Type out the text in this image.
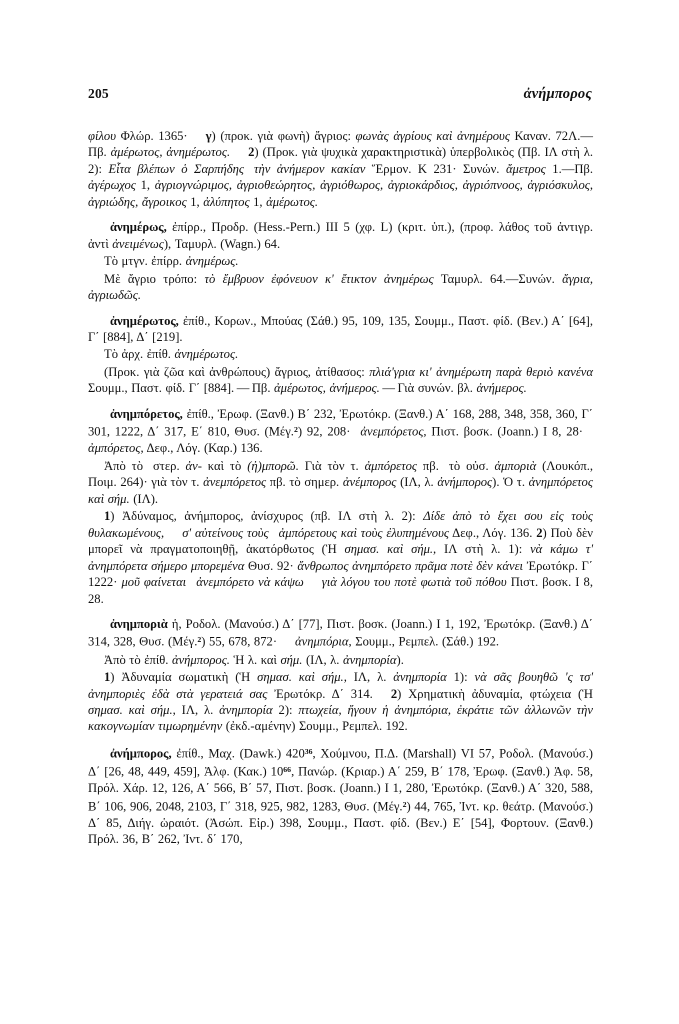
205	ἀνήμπορος

φίλου Φλώρ. 1365· γ) (προκ. γιὰ φωνὴ) ἄγριος: φωνὰς ἀγρίους καὶ ἀνημέρους Καναν. 72Λ.—Πβ. ἀμέρωτος, ἀνημέρωτος. 2) (Προκ. γιὰ ψυχικὰ χαρακτηριστικὰ) ὑπερβολικὸς (Πβ. ΙΛ στὴ λ. 2): Εἶτα βλέπων ὁ Σαρπήδης τὴν ἀνήμερον κακίαν Ἕρμον. Κ 231· Συνών. ἄμετρος 1.—Πβ. ἀγέρωχος 1, ἀγριογνώριμος, ἀγριοθεώρητος, ἀγριόθωρος, ἀγριοκάρδιος, ἀγριόπνοος, ἀγριόσκυλος, ἀγριώδης, ἄγροικος 1, ἀλύπητος 1, ἀμέρωτος.

ἀνημέρως, ἐπίρρ., Προδρ. (Hess.-Pern.) III 5 (χφ. L) (κριτ. ὑπ.), (προφ. λάθος τοῦ ἀντιγρ. ἀντὶ ἀνειμένως), Ταμυρλ. (Wagn.) 64.

Τὸ μτγν. ἐπίρρ. ἀνημέρως.

Μὲ ἄγριο τρόπο: τὸ ἔμβρυον ἐφόνευον κ' ἔτικτον ἀνημέρως Ταμυρλ. 64.—Συνών. ἄγρια, ἀγριωδῶς.

ἀνημέρωτος, ἐπίθ., Κορων., Μπούας (Σάθ.) 95, 109, 135, Σουμμ., Παστ. φίδ. (Βεν.) Α΄ [64], Γ΄ [884], Δ΄ [219].

Τὸ ἀρχ. ἐπίθ. ἀνημέρωτος.

(Προκ. γιὰ ζῶα καὶ ἀνθρώπους) ἄγριος, ἀτίθασος: πλιά'γρια κι' ἀνημέρωτη παρὰ θεριὸ κανένα Σουμμ., Παστ. φίδ. Γ΄ [884]. — Πβ. ἀμέρωτος, ἀνήμερος. — Γιὰ συνών. βλ. ἀνήμερος.

ἀνημπόρετος, ἐπίθ., Ἐρωφ. (Ξανθ.) Β΄ 232, Ἐρωτόκρ. (Ξανθ.) Α΄ 168, 288, 348, 358, 360, Γ΄ 301, 1222, Δ΄ 317, Ε΄ 810, Θυσ. (Μέγ.$^2$) 92, 208· ἀνεμπόρετος, Πιστ. βοσκ. (Joann.) I 8, 28·ἀμπόρετος, Δεφ., Λόγ. (Καρ.) 136.

Ἀπὸ τὸ στερ. ἀν- καὶ τὸ (ἠ)μπορῶ. Γιὰ τὸν τ. ἀμπόρετος πβ. τὸ οὐσ. ἀμποριὰ (Λουκόπ., Ποιμ. 264)· γιὰ τὸν τ. ἀνεμπόρετος πβ. τὸ σημερ. ἀνέμπορος (ΙΛ, λ. ἀνήμπορος). Ὁ τ. ἀνημπόρετος καὶ σήμ. (ΙΛ).

1) Ἀδύναμος, ἀνήμπορος, ἀνίσχυρος (πβ. ΙΛ στὴ λ. 2): Δίδε ἀπὸ τὸ ἔχει σου εἰς τοὺς θυλακωμένους, σ' αὐτείνους τοὺς ἀμπόρετους καὶ τοὺς ἐλυπημένους Δεφ., Λόγ. 136. 2) Ποὺ δὲν μπορεῖ νὰ πραγματοποιηθῇ, ἀκατόρθωτος (Ἡ σημασ. καὶ σήμ., ΙΛ στὴ λ. 1): νὰ κάμω τ' ἀνημπόρετα σήμερο μπορεμένα Θυσ. 92· ἄνθρωπος ἀνημπόρετο πρᾶμα ποτὲ δὲν κάνει Ἐρωτόκρ. Γ΄ 1222· μοῦ φαίνεται ἀνεμπόρετο νὰ κάψω γιὰ λόγου του ποτὲ φωτιὰ τοῦ πόθου Πιστ. βοσκ. I 8, 28.

ἀνημποριὰ ἡ, Ροδολ. (Μανούσ.) Δ΄ [77], Πιστ. βοσκ. (Joann.) I 1, 192, Ἐρωτόκρ. (Ξανθ.) Δ΄ 314, 328, Θυσ. (Μέγ.$^2$) 55, 678, 872· ἀνημπόρια, Σουμμ., Ρεμπελ. (Σάθ.) 192.

Ἀπὸ τὸ ἐπίθ. ἀνήμπορος. Ἡ λ. καὶ σήμ. (ΙΛ, λ. ἀνημπορία).

1) Ἀδυναμία σωματικὴ (Ἡ σημασ. καὶ σήμ., ΙΛ, λ. ἀνημπορία 1): νὰ σᾶς βουηθῶ 'ς τσ' ἀνημποριὲς ἐδὰ στὰ γερατειά σας Ἐρωτόκρ. Δ΄ 314. 2) Χρηματικὴ ἀδυναμία, φτώχεια (Ἡ σημασ. καὶ σήμ., ΙΛ, λ. ἀνημπορία 2): πτωχεία, ἤγουν ἡ ἀνημπόρια, ἐκράτιε τῶν ἀλλωνῶν τὴν κακογνωμίαν τιμωρημένην (ἐκδ.-αμένην) Σουμμ., Ρεμπελ. 192.

ἀνήμπορος, ἐπίθ., Μαχ. (Dawk.) $420^{36}$, Χούμνου, Π.Δ. (Marshall) VI 57, Ροδολ. (Μανούσ.) Δ΄ [26, 48, 449, 459], Ἀλφ. (Κακ.) $10^{66}$, Πανώρ. (Κριαρ.) Α΄ 259, Β΄ 178, Ἐρωφ. (Ξανθ.) Ἀφ. 58, Πρόλ. Χάρ. 12, 126, Α΄ 566, Β΄ 57, Πιστ. βοσκ. (Joann.) I 1, 280, Ἐρωτόκρ. (Ξανθ.) Α΄ 320, 588, Β΄ 106, 906, 2048, 2103, Γ΄ 318, 925, 982, 1283, Θυσ. (Μέγ.$^2$) 44, 765, Ἰντ. κρ. θεάτρ. (Μανούσ.) Δ΄ 85, Διήγ. ὡραιότ. (Ἀσώπ. Εἰρ.) 398, Σουμμ., Παστ. φίδ. (Βεν.) Ε΄ [54], Φορτουν. (Ξανθ.) Πρόλ. 36, Β΄ 262, Ἰντ. δ΄ 170,
